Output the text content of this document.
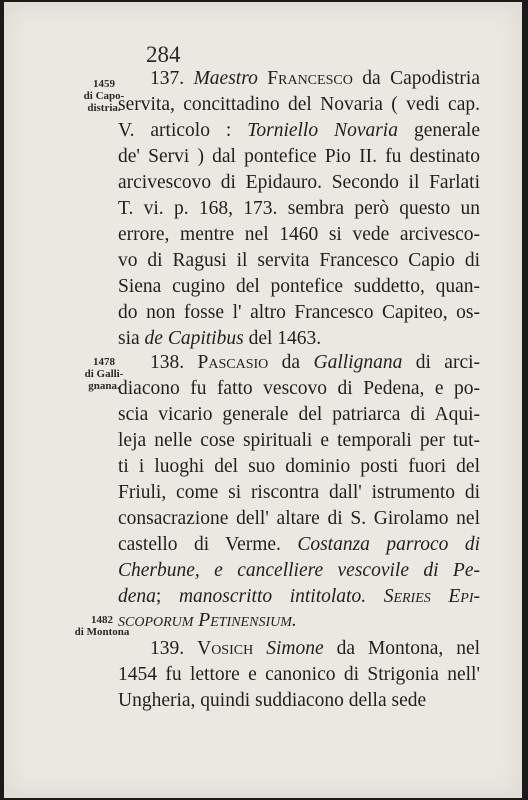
284
1459
di Capo-
distria.
1478
di Galli-
gnana.
1482
di Montona
137. Maestro Francesco da Capodistria
servita, concittadino del Novaria ( vedi cap.
V. articolo : Torniello Novaria generale
de' Servi ) dal pontefice Pio II. fu destinato
arcivescovo di Epidauro. Secondo il Farlati
T. vi. p. 168, 173. sembra però questo un
errore, mentre nel 1460 si vede arcivesco-
vo di Ragusi il servita Francesco Capio di
Siena cugino del pontefice suddetto, quan-
do non fosse l' altro Francesco Capiteo, os-
sia de Capitibus del 1463.
138. Pascasio da Gallignana di arci-
diacono fu fatto vescovo di Pedena, e po-
scia vicario generale del patriarca di Aqui-
leja nelle cose spirituali e temporali per tut-
ti i luoghi del suo dominio posti fuori del
Friuli, come si riscontra dall' istrumento di
consacrazione dell' altare di S. Girolamo nel
castello di Verme. Costanza parroco di
Cherbune, e cancelliere vescovile di Pe-
dena; manoscritto intitolato. Series Epi-
scoporum Petinensium.
139. Vosich Simone da Montona, nel
1454 fu lettore e canonico di Strigonia nell'
Ungheria, quindi suddiacono della sede
